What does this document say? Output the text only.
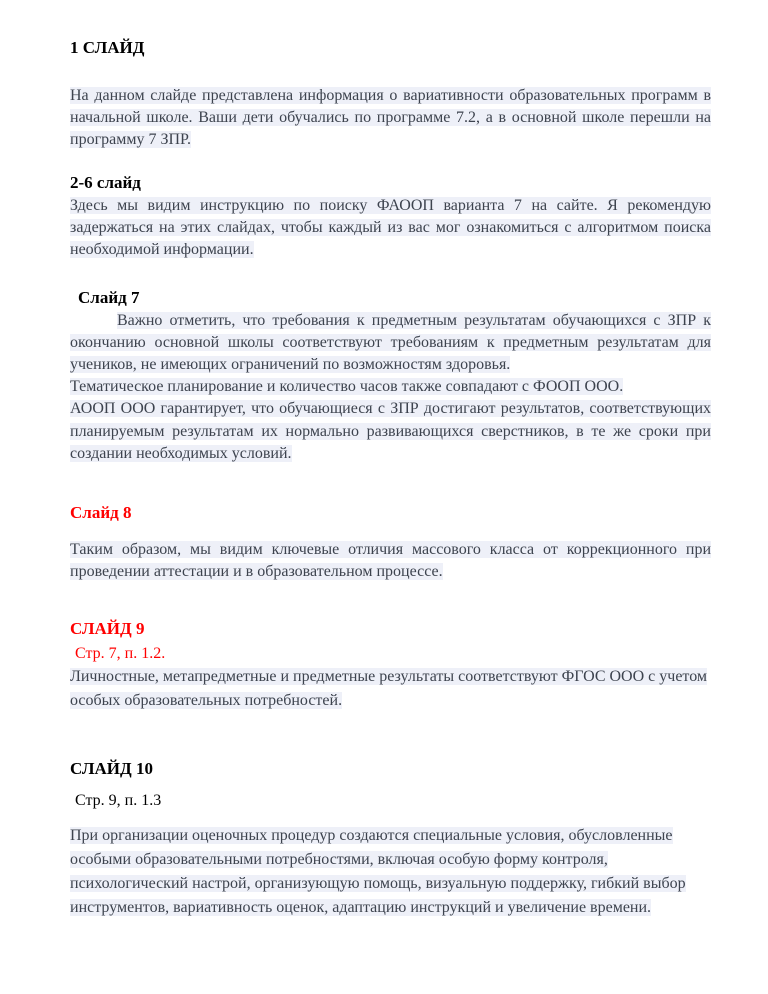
1 СЛАЙД

На данном слайде представлена информация о вариативности образовательных программ в начальной школе. Ваши дети обучались по программе 7.2, а в основной школе перешли на программу 7 ЗПР.

2-6 слайд

Здесь мы видим инструкцию по поиску ФАООП варианта 7 на сайте. Я рекомендую задержаться на этих слайдах, чтобы каждый из вас мог ознакомиться с алгоритмом поиска необходимой информации.

Слайд 7

Важно отметить, что требования к предметным результатам обучающихся с ЗПР к окончанию основной школы соответствуют требованиям к предметным результатам для учеников, не имеющих ограничений по возможностям здоровья.

Тематическое планирование и количество часов также совпадают с ФООП ООО.

АООП ООО гарантирует, что обучающиеся с ЗПР достигают результатов, соответствующих планируемым результатам их нормально развивающихся сверстников, в те же сроки при создании необходимых условий.

Слайд 8

Таким образом, мы видим ключевые отличия массового класса от коррекционного при проведении аттестации и в образовательном процессе.

СЛАЙД 9

Стр. 7, п. 1.2.

Личностные, метапредметные и предметные результаты соответствуют ФГОС ООО с учетом особых образовательных потребностей.

СЛАЙД 10

Стр. 9, п. 1.3

При организации оценочных процедур создаются специальные условия, обусловленные особыми образовательными потребностями, включая особую форму контроля, психологический настрой, организующую помощь, визуальную поддержку, гибкий выбор инструментов, вариативность оценок, адаптацию инструкций и увеличение времени.
